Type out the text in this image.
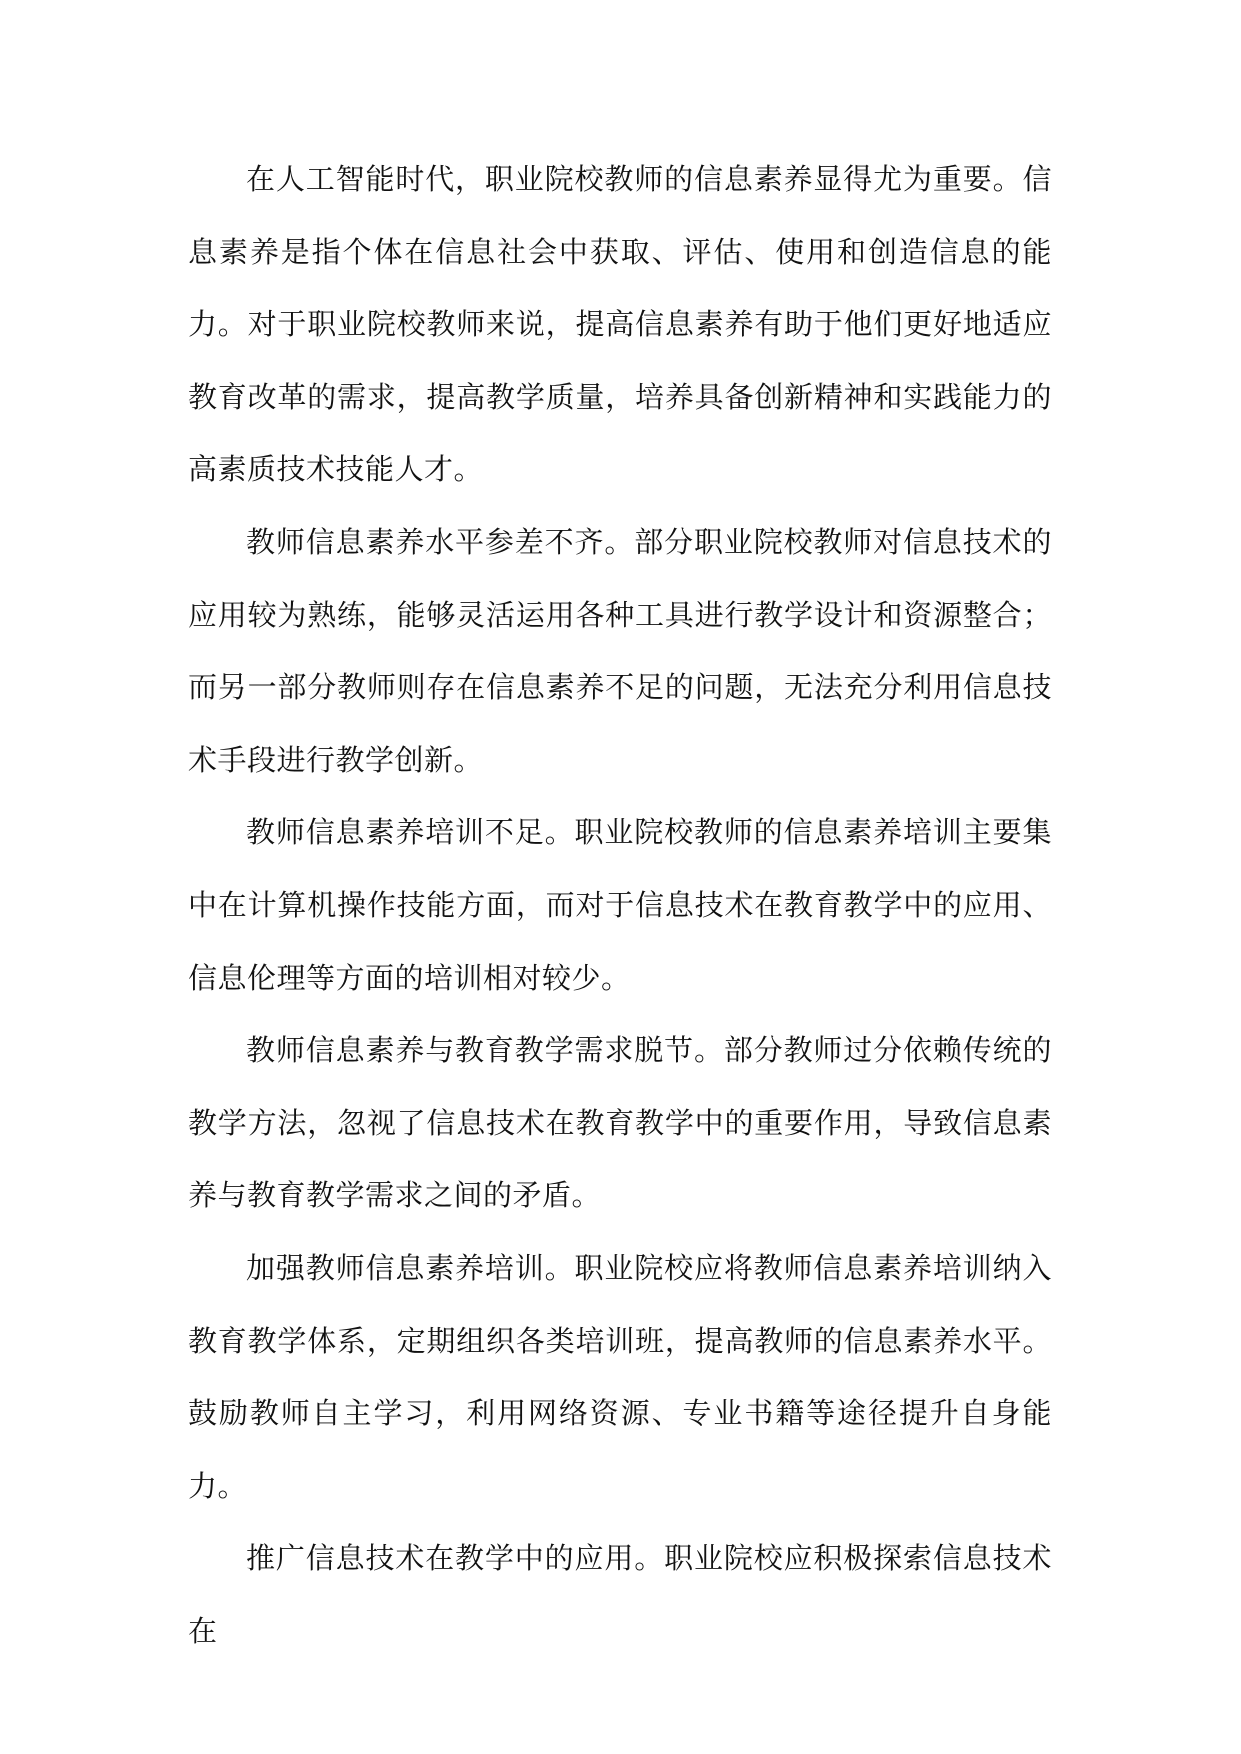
在人工智能时代，职业院校教师的信息素养显得尤为重要。信息素养是指个体在信息社会中获取、评估、使用和创造信息的能力。对于职业院校教师来说，提高信息素养有助于他们更好地适应教育改革的需求，提高教学质量，培养具备创新精神和实践能力的高素质技术技能人才。

教师信息素养水平参差不齐。部分职业院校教师对信息技术的应用较为熟练，能够灵活运用各种工具进行教学设计和资源整合；而另一部分教师则存在信息素养不足的问题，无法充分利用信息技术手段进行教学创新。

教师信息素养培训不足。职业院校教师的信息素养培训主要集中在计算机操作技能方面，而对于信息技术在教育教学中的应用、信息伦理等方面的培训相对较少。

教师信息素养与教育教学需求脱节。部分教师过分依赖传统的教学方法，忽视了信息技术在教育教学中的重要作用，导致信息素养与教育教学需求之间的矛盾。

加强教师信息素养培训。职业院校应将教师信息素养培训纳入教育教学体系，定期组织各类培训班，提高教师的信息素养水平。鼓励教师自主学习，利用网络资源、专业书籍等途径提升自身能力。

推广信息技术在教学中的应用。职业院校应积极探索信息技术在
